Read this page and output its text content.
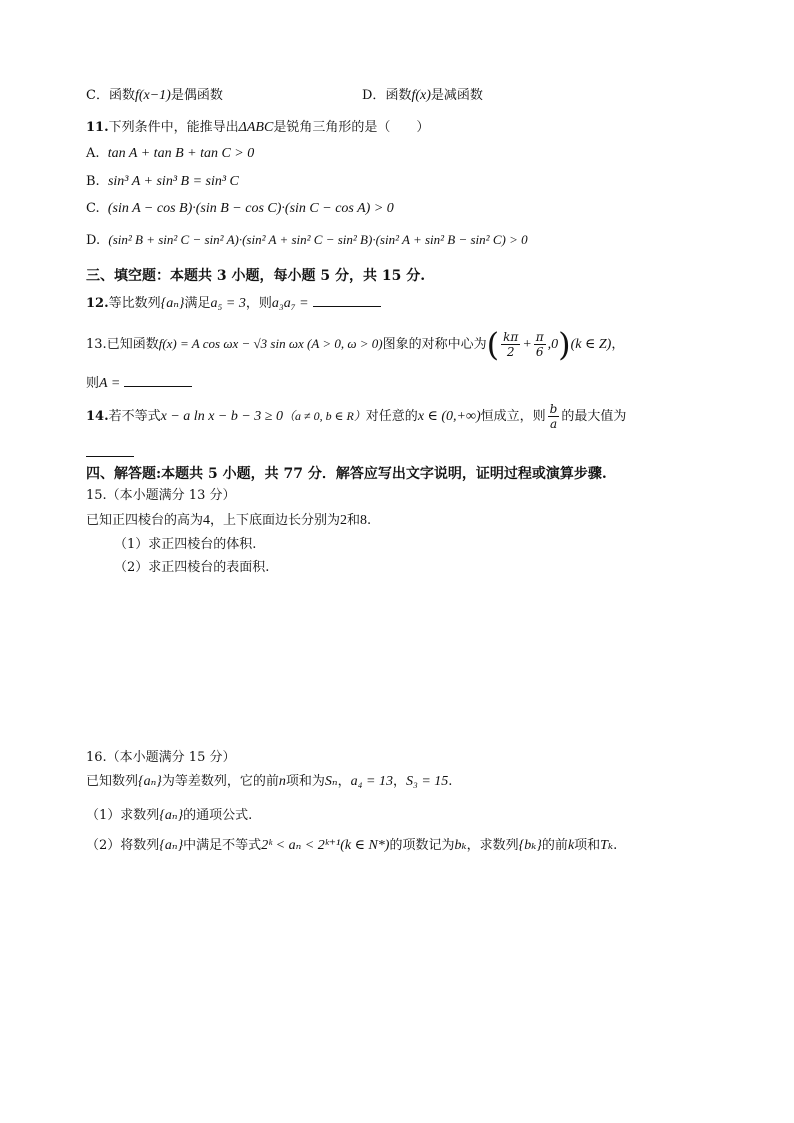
C．函数f(x−1)是偶函数	D．函数f(x)是减函数
11.下列条件中，能推导出ΔABC是锐角三角形的是（　　）
A. tan A + tan B + tan C > 0
B. sin³ A + sin³ B = sin³ C
C. (sin A − cos B)·(sin B − cos C)·(sin C − cos A) > 0
D. (sin² B + sin² C − sin² A)·(sin² A + sin² C − sin² B)·(sin² A + sin² B − sin² C) > 0
三、填空题：本题共 3 小题，每小题 5 分，共 15 分.
12.等比数列{aₙ}满足a₅ = 3，则a₃a₇ =
13.已知函数f(x) = A cos ωx − √3 sin ωx (A > 0, ω > 0)图象的对称中心为( $\frac{k\pi}{2} + \frac{\pi}{6} ,0)(k$ ∈ Z)，
则A =
14.若不等式x − a ln x − b − 3 ≥ 0（a ≠ 0, b ∈ R）对任意的x ∈ (0,+∞)恒成立，则 $\frac{b}{a}$ 的最大值为
四、解答题:本题共 5 小题，共 77 分．解答应写出文字说明，证明过程或演算步骤.
15.（本小题满分 13 分）
已知正四棱台的高为4，上下底面边长分别为2和8.
（1）求正四棱台的体积.
（2）求正四棱台的表面积.
16.（本小题满分 15 分）
已知数列{aₙ}为等差数列，它的前n项和为Sₙ，a₄ = 13，S₃ = 15.
（1）求数列{aₙ}的通项公式.
（2）将数列{aₙ}中满足不等式2ᵏ < aₙ < 2ᵏ⁺¹(k ∈ N*)的项数记为bₖ，求数列{bₖ}的前k项和Tₖ.
